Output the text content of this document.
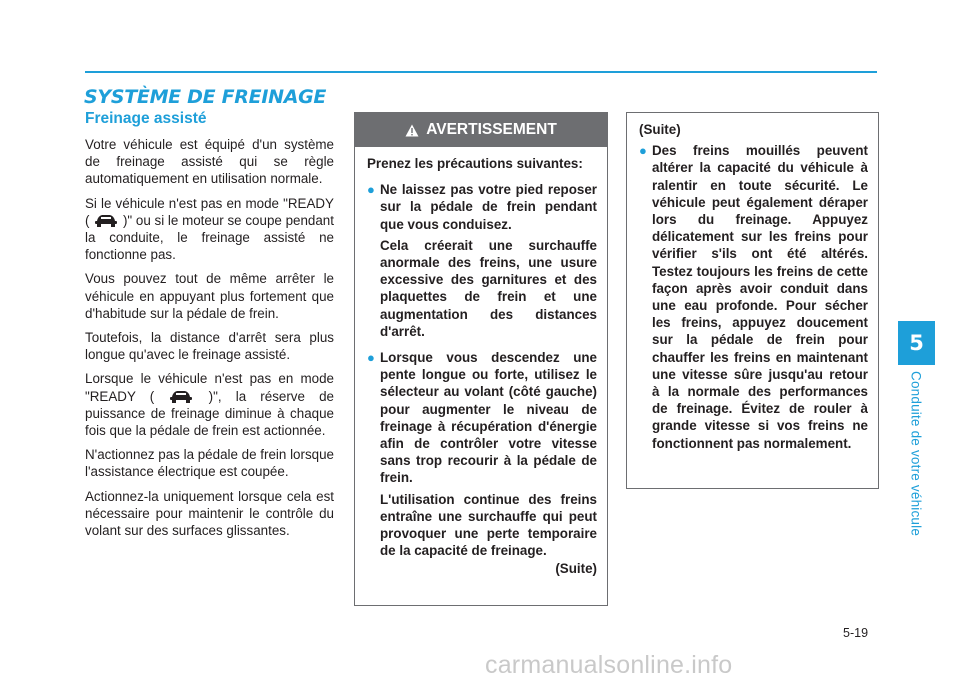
SYSTÈME DE FREINAGE
Freinage assisté

Votre véhicule est équipé d'un système de freinage assisté qui se règle automatiquement en utilisation normale.

Si le véhicule n'est pas en mode "READY ( )" ou si le moteur se coupe pendant la conduite, le freinage assisté ne fonctionne pas.

Vous pouvez tout de même arrêter le véhicule en appuyant plus fortement que d'habitude sur la pédale de frein.

Toutefois, la distance d'arrêt sera plus longue qu'avec le freinage assisté.

Lorsque le véhicule n'est pas en mode "READY (	)", la réserve de puissance de freinage diminue à chaque fois que la pédale de frein est actionnée.

N'actionnez pas la pédale de frein lorsque l'assistance électrique est coupée.

Actionnez-la uniquement lorsque cela est nécessaire pour maintenir le contrôle du volant sur des surfaces glissantes.

AVERTISSEMENT

Prenez les précautions suivantes:

● Ne laissez pas votre pied reposer sur la pédale de frein pendant que vous conduisez.

Cela créerait une surchauffe anormale des freins, une usure excessive des garnitures et des plaquettes de frein et une augmentation des distances d'arrêt.

● Lorsque vous descendez une pente longue ou forte, utilisez le sélecteur au volant (côté gauche) pour augmenter le niveau de freinage à récupération d'énergie afin de contrôler votre vitesse sans trop recourir à la pédale de frein.

L'utilisation continue des freins entraîne une surchauffe qui peut provoquer une perte temporaire de la capacité de freinage.

(Suite)

(Suite)

● Des freins mouillés peuvent altérer la capacité du véhicule à ralentir en toute sécurité. Le véhicule peut également déraper lors du freinage. Appuyez délicatement sur les freins pour vérifier s'ils ont été altérés. Testez toujours les freins de cette façon après avoir conduit dans une eau profonde. Pour sécher les freins, appuyez doucement sur la pédale de frein pour chauffer les freins en maintenant une vitesse sûre jusqu'au retour à la normale des performances de freinage. Évitez de rouler à grande vitesse si vos freins ne fonctionnent pas normalement.
5
Conduite de votre véhicule
5-19
carmanualsonline.info
